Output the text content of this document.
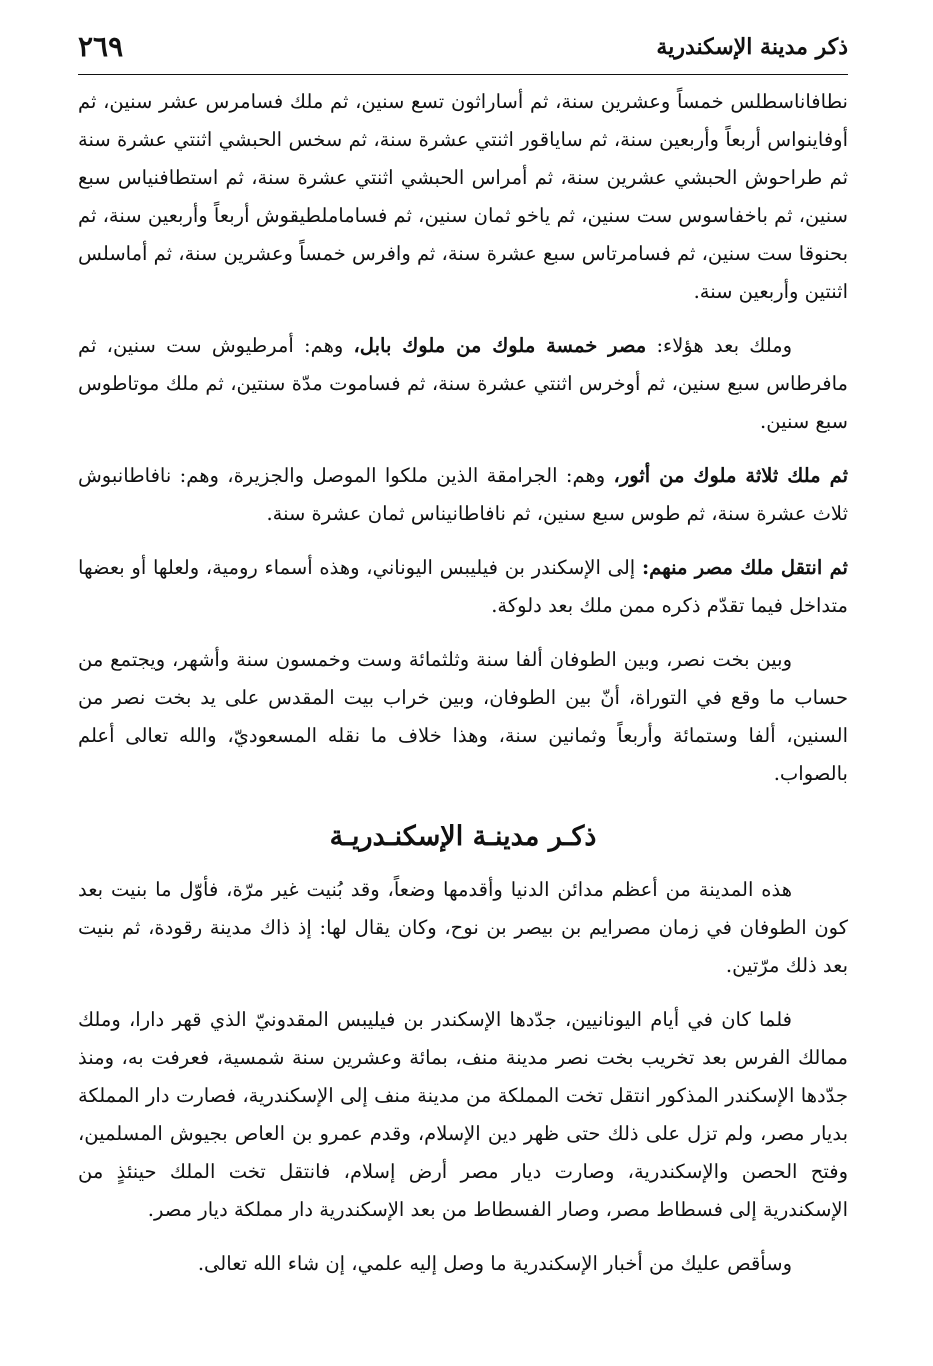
ذكر مدينة الإسكندرية
٢٦٩

نطافاناسطلس خمساً وعشرين سنة، ثم أساراثون تسع سنين، ثم ملك فسامرس عشر سنين، ثم أوفاينواس أربعاً وأربعين سنة، ثم ساياقور اثنتي عشرة سنة، ثم سخس الحبشي اثنتي عشرة سنة ثم طراحوش الحبشي عشرين سنة، ثم أمراس الحبشي اثنتي عشرة سنة، ثم استطافنياس سبع سنين، ثم باخفاسوس ست سنين، ثم ياخو ثمان سنين، ثم فساماملطيقوش أربعاً وأربعين سنة، ثم بحنوقا ست سنين، ثم فسامرتاس سبع عشرة سنة، ثم وافرس خمساً وعشرين سنة، ثم أماسلس اثنتين وأربعين سنة.

وملك بعد هؤلاء: مصر خمسة ملوك من ملوك بابل، وهم: أمرطيوش ست سنين، ثم مافرطاس سبع سنين، ثم أوخرس اثنتي عشرة سنة، ثم فساموت مدّة سنتين، ثم ملك موتاطوس سبع سنين.

ثم ملك ثلاثة ملوك من أثور، وهم: الجرامقة الذين ملكوا الموصل والجزيرة، وهم: نافاطانبوش ثلاث عشرة سنة، ثم طوس سبع سنين، ثم نافاطانيناس ثمان عشرة سنة.

ثم انتقل ملك مصر منهم: إلى الإسكندر بن فيليبس اليوناني، وهذه أسماء رومية، ولعلها أو بعضها متداخل فيما تقدّم ذكره ممن ملك بعد دلوكة.

وبين بخت نصر، وبين الطوفان ألفا سنة وثلثمائة وست وخمسون سنة وأشهر، ويجتمع من حساب ما وقع في التوراة، أنّ بين الطوفان، وبين خراب بيت المقدس على يد بخت نصر من السنين، ألفا وستمائة وأربعاً وثمانين سنة، وهذا خلاف ما نقله المسعوديّ، والله تعالى أعلم بالصواب.

ذكـر مدينـة الإسكنـدريـة

هذه المدينة من أعظم مدائن الدنيا وأقدمها وضعاً، وقد بُنيت غير مرّة، فأوّل ما بنيت بعد كون الطوفان في زمان مصرايم بن بيصر بن نوح، وكان يقال لها: إذ ذاك مدينة رقودة، ثم بنيت بعد ذلك مرّتين.

فلما كان في أيام اليونانيين، جدّدها الإسكندر بن فيليبس المقدونيّ الذي قهر دارا، وملك ممالك الفرس بعد تخريب بخت نصر مدينة منف، بمائة وعشرين سنة شمسية، فعرفت به، ومنذ جدّدها الإسكندر المذكور انتقل تخت المملكة من مدينة منف إلى الإسكندرية، فصارت دار المملكة بديار مصر، ولم تزل على ذلك حتى ظهر دين الإسلام، وقدم عمرو بن العاص بجيوش المسلمين، وفتح الحصن والإسكندرية، وصارت ديار مصر أرض إسلام، فانتقل تخت الملك حينئذٍ من الإسكندرية إلى فسطاط مصر، وصار الفسطاط من بعد الإسكندرية دار مملكة ديار مصر.

وسأقص عليك من أخبار الإسكندرية ما وصل إليه علمي، إن شاء الله تعالى.
